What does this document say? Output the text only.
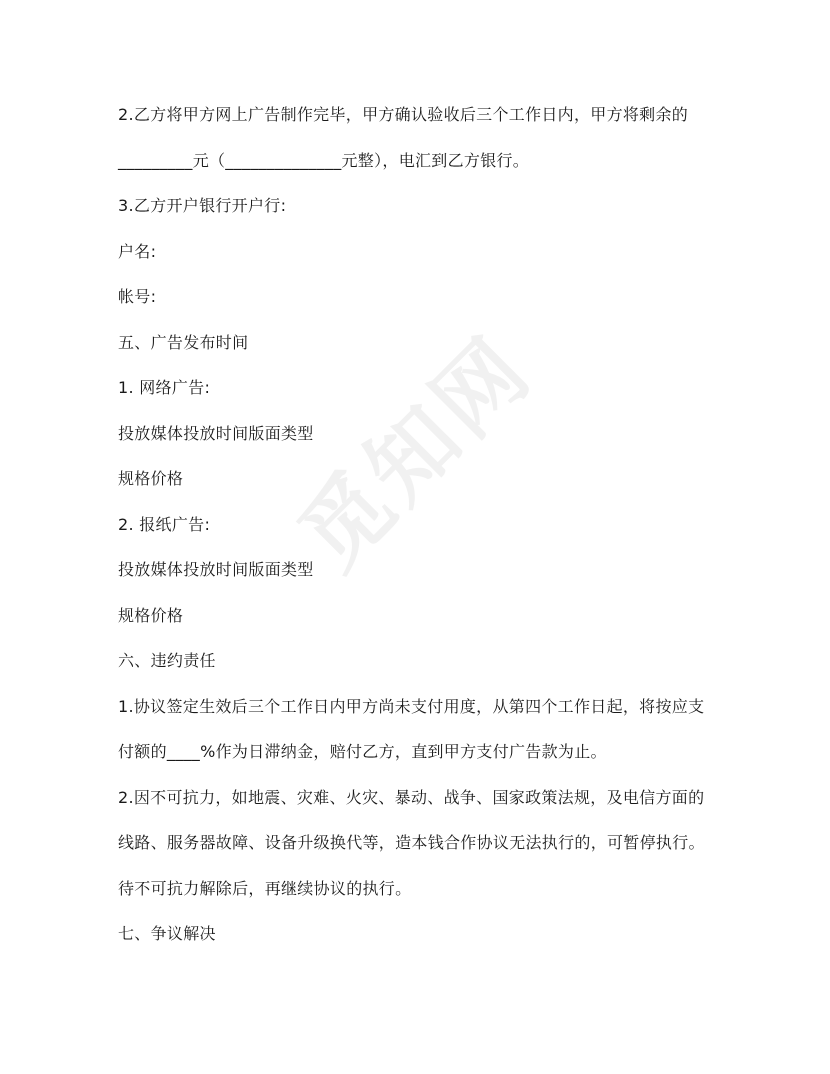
觅知网
2.乙方将甲方网上广告制作完毕，甲方确认验收后三个工作日内，甲方将剩余的
_________元（______________元整），电汇到乙方银行。
3.乙方开户银行开户行:
户名:
帐号:
五、广告发布时间
1. 网络广告:
投放媒体投放时间版面类型
规格价格
2. 报纸广告:
投放媒体投放时间版面类型
规格价格
六、违约责任
1.协议签定生效后三个工作日内甲方尚未支付用度，从第四个工作日起，将按应支
付额的____%作为日滞纳金，赔付乙方，直到甲方支付广告款为止。
2.因不可抗力，如地震、灾难、火灾、暴动、战争、国家政策法规，及电信方面的
线路、服务器故障、设备升级换代等，造本钱合作协议无法执行的，可暂停执行。
待不可抗力解除后，再继续协议的执行。
七、争议解决
